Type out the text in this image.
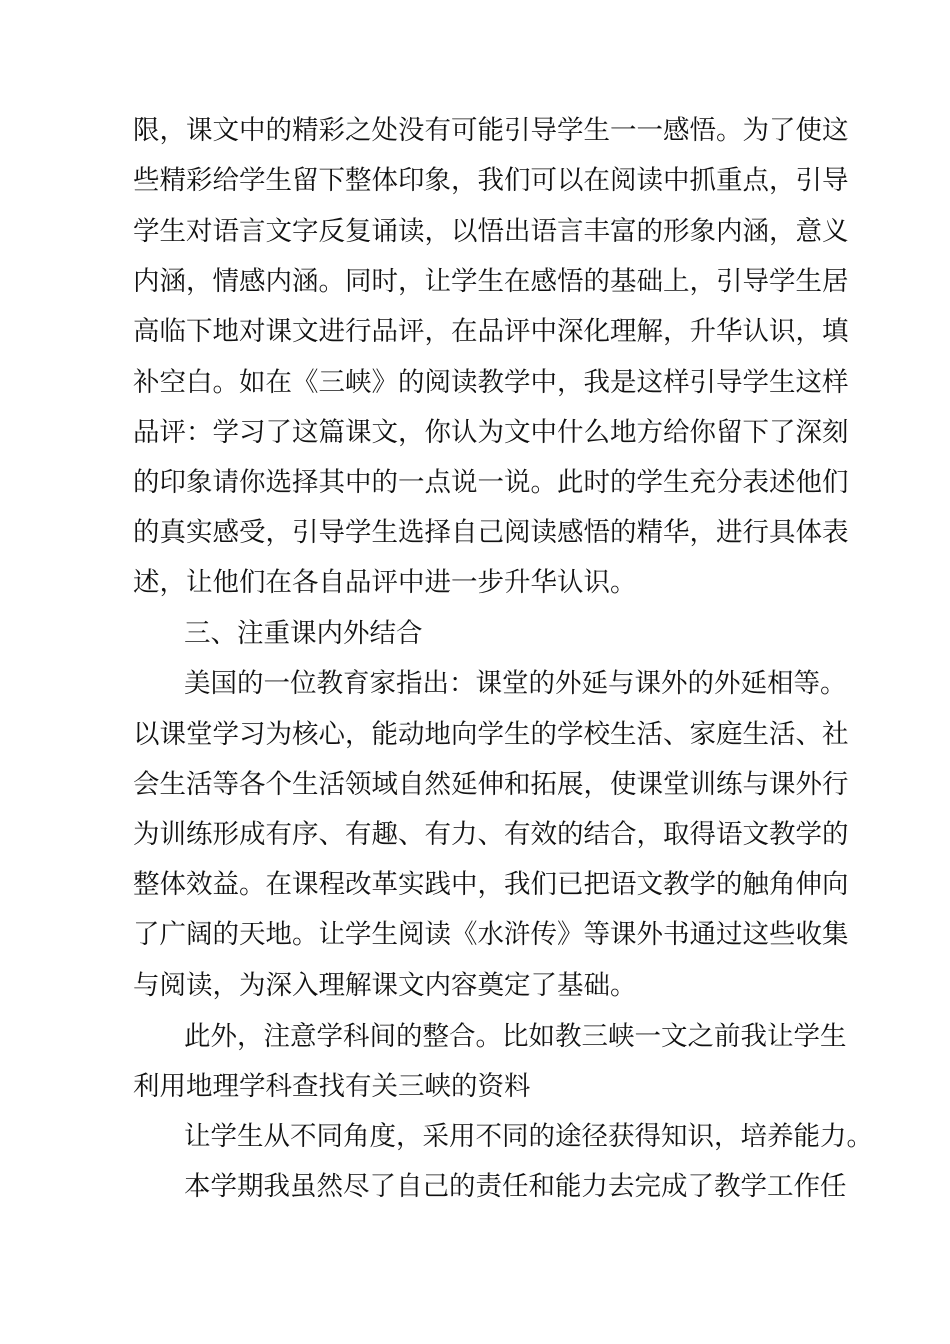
限，课文中的精彩之处没有可能引导学生一一感悟。为了使这
些精彩给学生留下整体印象，我们可以在阅读中抓重点，引导
学生对语言文字反复诵读，以悟出语言丰富的形象内涵，意义
内涵，情感内涵。同时，让学生在感悟的基础上，引导学生居
高临下地对课文进行品评，在品评中深化理解，升华认识，填
补空白。如在《三峡》的阅读教学中，我是这样引导学生这样
品评：学习了这篇课文，你认为文中什么地方给你留下了深刻
的印象请你选择其中的一点说一说。此时的学生充分表述他们
的真实感受，引导学生选择自己阅读感悟的精华，进行具体表
述，让他们在各自品评中进一步升华认识。
三、注重课内外结合
美国的一位教育家指出：课堂的外延与课外的外延相等。
以课堂学习为核心，能动地向学生的学校生活、家庭生活、社
会生活等各个生活领域自然延伸和拓展，使课堂训练与课外行
为训练形成有序、有趣、有力、有效的结合，取得语文教学的
整体效益。在课程改革实践中，我们已把语文教学的触角伸向
了广阔的天地。让学生阅读《水浒传》等课外书通过这些收集
与阅读，为深入理解课文内容奠定了基础。
此外，注意学科间的整合。比如教三峡一文之前我让学生
利用地理学科查找有关三峡的资料
让学生从不同角度，采用不同的途径获得知识，培养能力。
本学期我虽然尽了自己的责任和能力去完成了教学工作任
